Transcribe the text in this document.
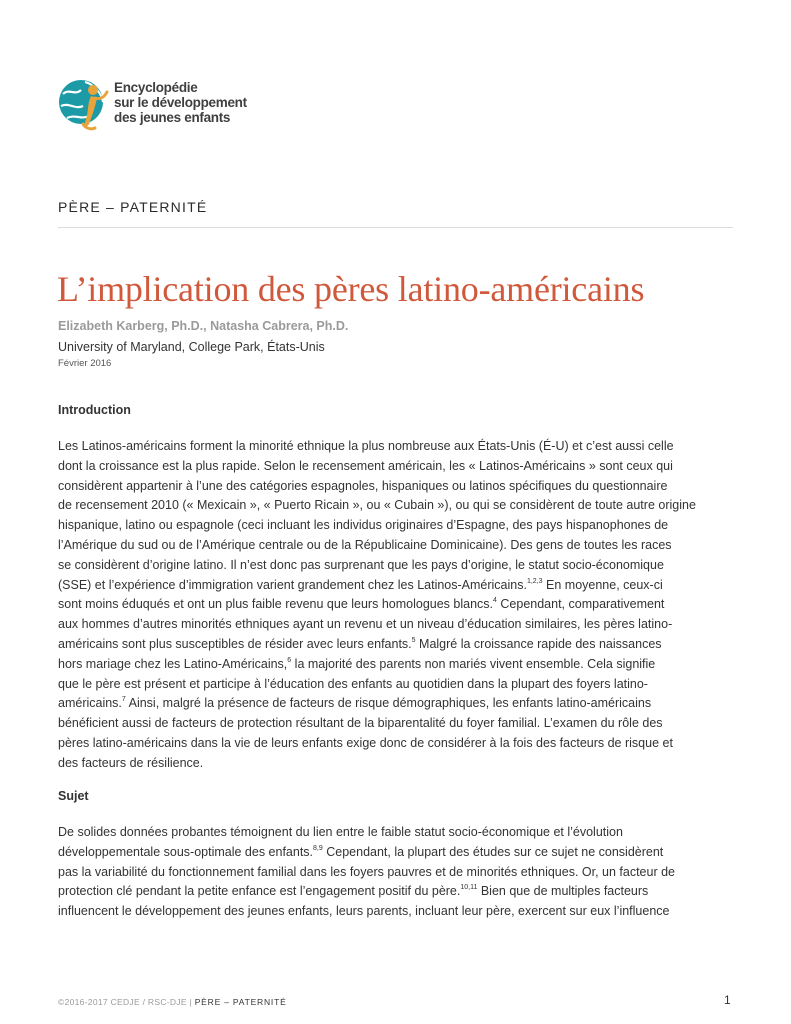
Encyclopédie
sur le développement
des jeunes enfants
PÈRE – PATERNITÉ
L’implication des pères latino-américains
Elizabeth Karberg, Ph.D., Natasha Cabrera, Ph.D.
University of Maryland, College Park, États-Unis
Février 2016
Introduction
Les Latinos-américains forment la minorité ethnique la plus nombreuse aux États-Unis (É-U) et c’est aussi celle
dont la croissance est la plus rapide. Selon le recensement américain, les « Latinos-Américains » sont ceux qui
considèrent appartenir à l’une des catégories espagnoles, hispaniques ou latinos spécifiques du questionnaire
de recensement 2010 (« Mexicain », « Puerto Ricain », ou « Cubain »), ou qui se considèrent de toute autre origine
hispanique, latino ou espagnole (ceci incluant les individus originaires d’Espagne, des pays hispanophones de
l’Amérique du sud ou de l’Amérique centrale ou de la Républicaine Dominicaine). Des gens de toutes les races
se considèrent d’origine latino. Il n’est donc pas surprenant que les pays d’origine, le statut socio-économique
(SSE) et l’expérience d’immigration varient grandement chez les Latinos-Américains.$^{1,2,3}$ En moyenne, ceux-ci
sont moins éduqués et ont un plus faible revenu que leurs homologues blancs.$^4$ Cependant, comparativement
aux hommes d’autres minorités ethniques ayant un revenu et un niveau d’éducation similaires, les pères latino-
américains sont plus susceptibles de résider avec leurs enfants.$^5$ Malgré la croissance rapide des naissances
hors mariage chez les Latino-Américains,$^6$ la majorité des parents non mariés vivent ensemble. Cela signifie
que le père est présent et participe à l’éducation des enfants au quotidien dans la plupart des foyers latino-
américains.$^7$ Ainsi, malgré la présence de facteurs de risque démographiques, les enfants latino-américains
bénéficient aussi de facteurs de protection résultant de la biparentalité du foyer familial. L’examen du rôle des
pères latino-américains dans la vie de leurs enfants exige donc de considérer à la fois des facteurs de risque et
des facteurs de résilience.
Sujet
De solides données probantes témoignent du lien entre le faible statut socio-économique et l’évolution
développementale sous-optimale des enfants.$^{8,9}$ Cependant, la plupart des études sur ce sujet ne considèrent
pas la variabilité du fonctionnement familial dans les foyers pauvres et de minorités ethniques. Or, un facteur de
protection clé pendant la petite enfance est l’engagement positif du père.$^{10,11}$ Bien que de multiples facteurs
influencent le développement des jeunes enfants, leurs parents, incluant leur père, exercent sur eux l’influence
©2016-2017 CEDJE / RSC-DJE | PÈRE – PATERNITÉ	1
